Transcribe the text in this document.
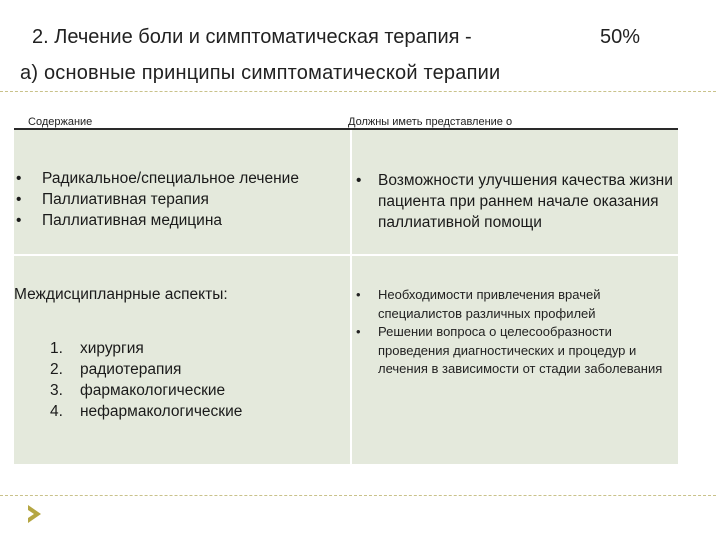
2. Лечение боли и симптоматическая терапия -	50%
а) основные принципы симптоматической терапии
Содержание	Должны иметь представление о
• Радикальное/специальное лечение
• Паллиативная терапия
• Паллиативная медицина
• Возможности улучшения качества жизни пациента при раннем начале оказания паллиативной помощи
Междисципланрные аспекты:
1. хирургия
2. радиотерапия
3. фармакологические
4. нефармакологические
• Необходимости привлечения врачей специалистов различных профилей
• Решении вопроса о целесообразности проведения диагностических и процедур и лечения в зависимости от стадии заболевания
